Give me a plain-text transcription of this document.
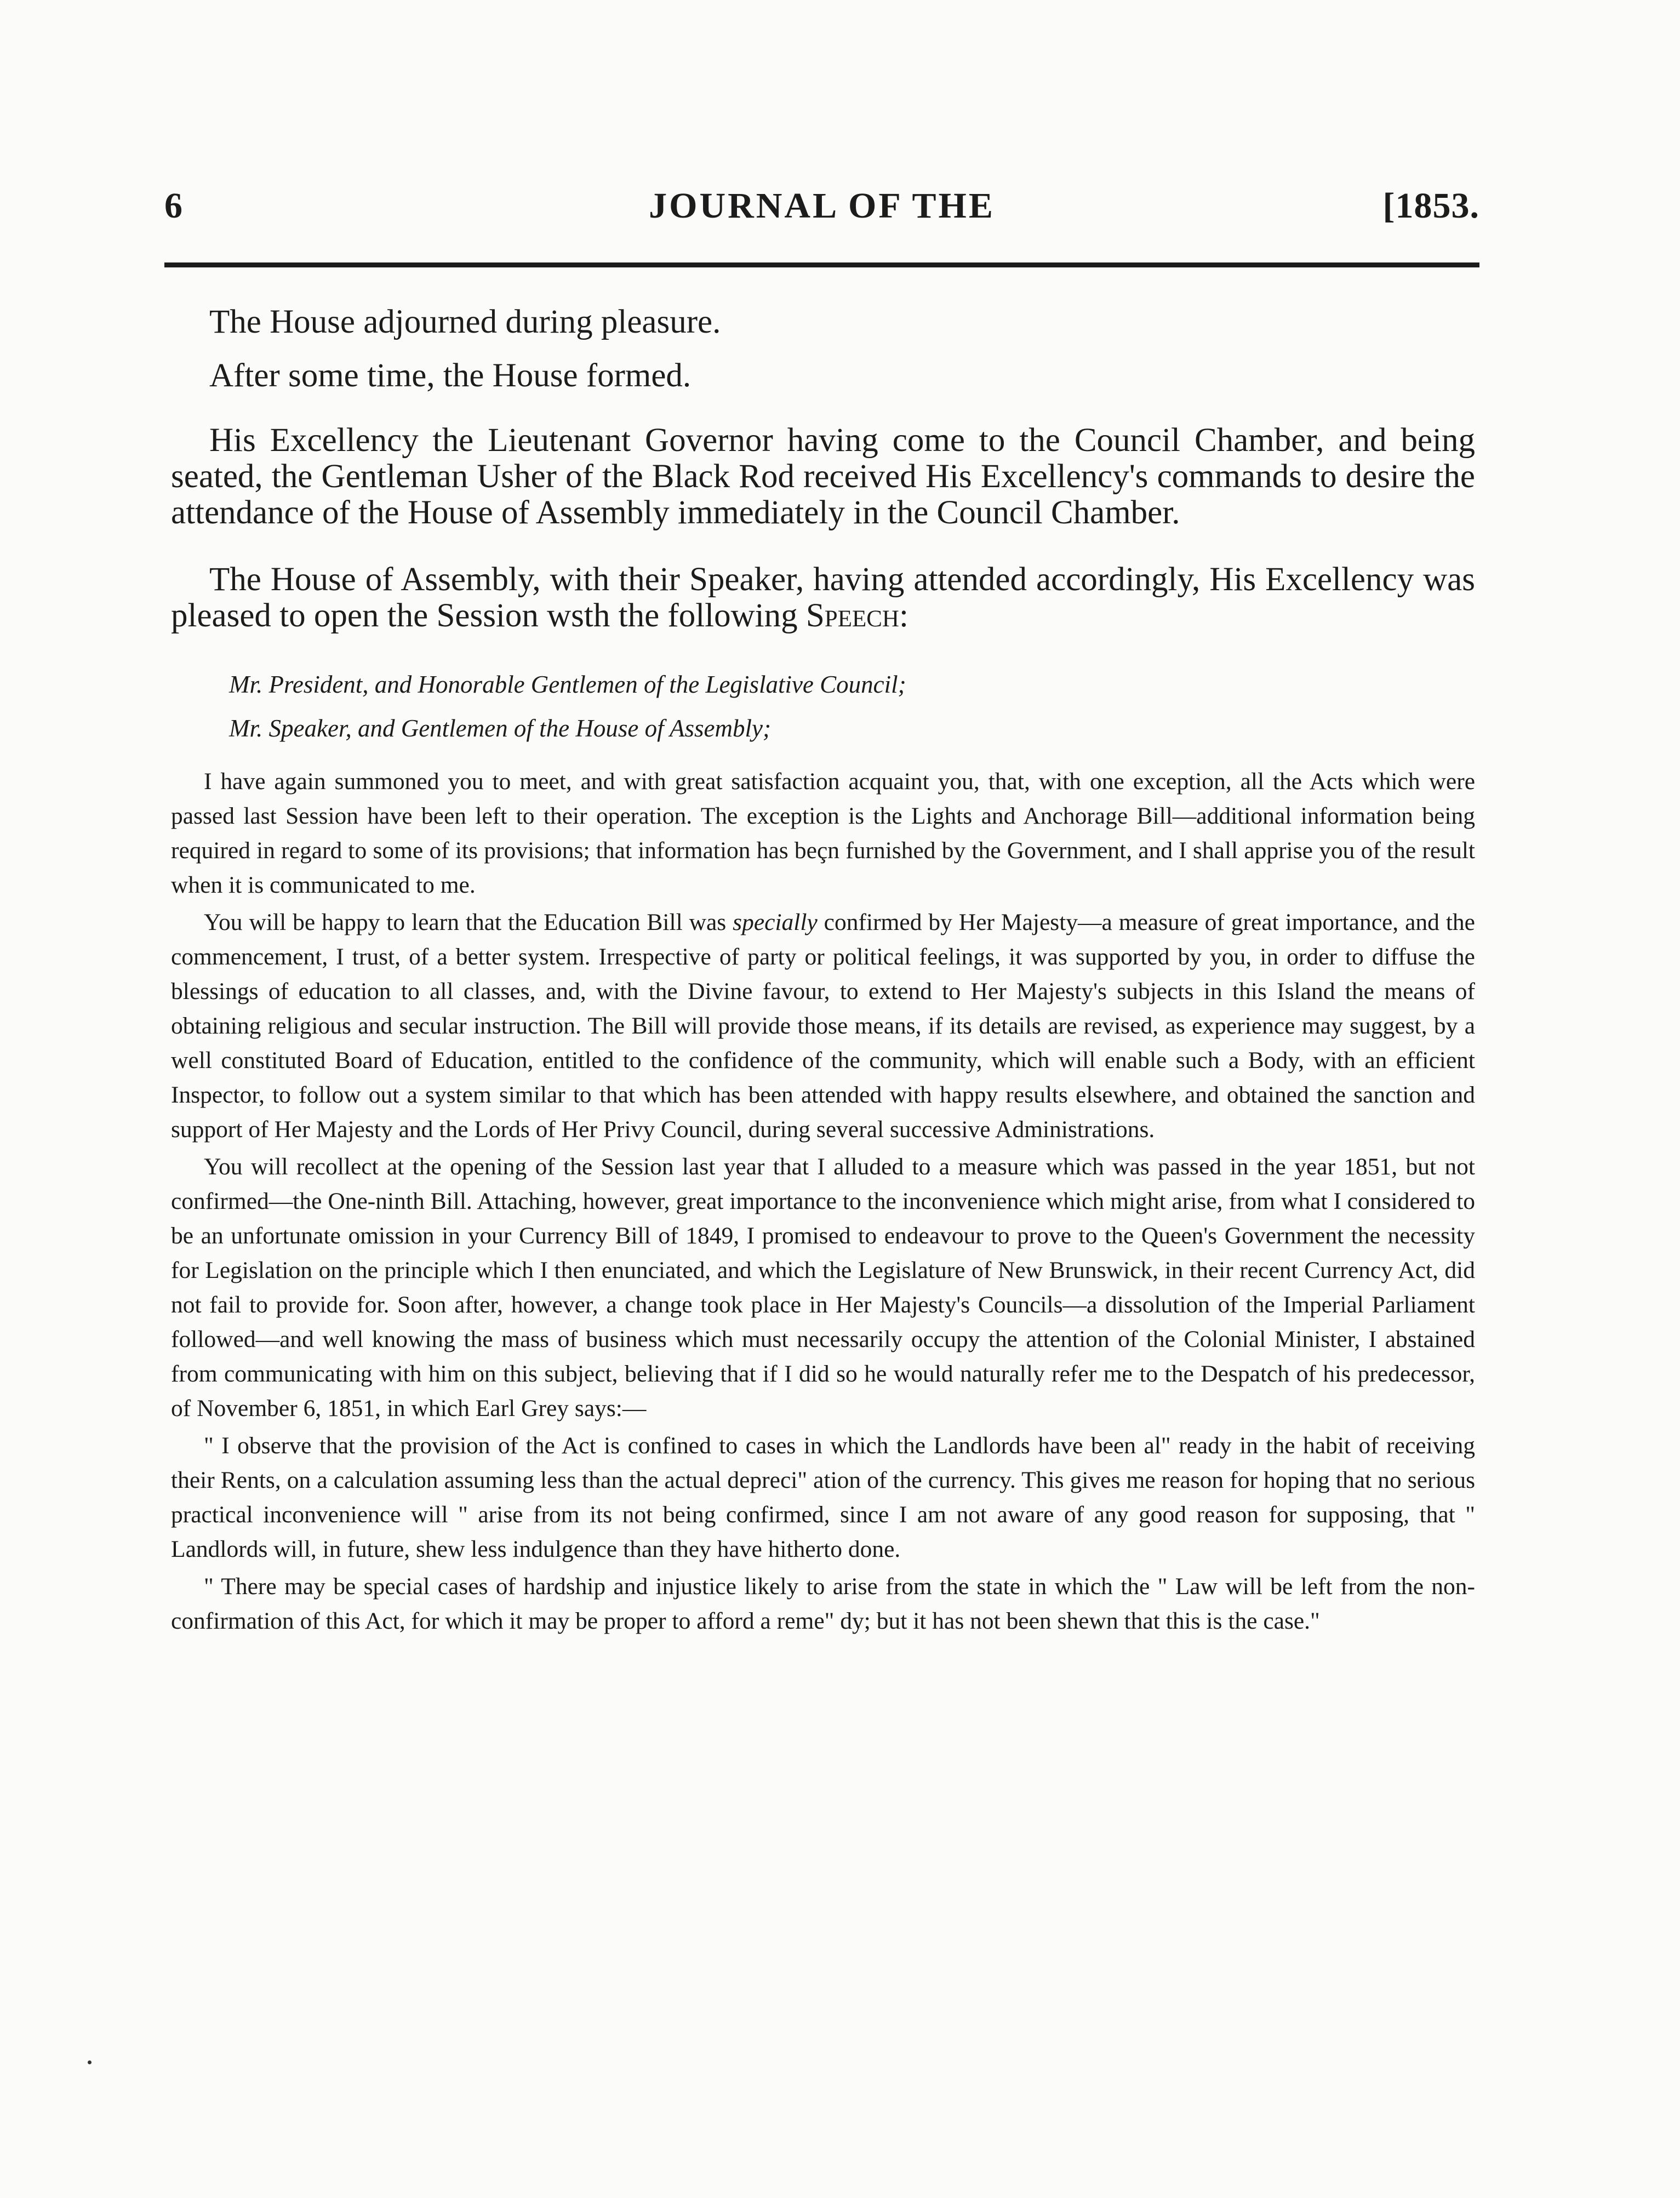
6	JOURNAL OF THE	[1853.

The House adjourned during pleasure.

After some time, the House formed.

His Excellency the Lieutenant Governor having come to the Council Chamber, and being seated, the Gentleman Usher of the Black Rod received His Excellency's commands to desire the attendance of the House of Assembly immediately in the Council Chamber.

The House of Assembly, with their Speaker, having attended accordingly, His Excellency was pleased to open the Session wsth the following Speech:

Mr. President, and Honorable Gentlemen of the Legislative Council;
Mr. Speaker, and Gentlemen of the House of Assembly;

I have again summoned you to meet, and with great satisfaction acquaint you, that, with one exception, all the Acts which were passed last Session have been left to their operation. The exception is the Lights and Anchorage Bill—additional information being required in regard to some of its provisions; that information has beçn furnished by the Government, and I shall apprise you of the result when it is communicated to me.

You will be happy to learn that the Education Bill was specially confirmed by Her Majesty—a measure of great importance, and the commencement, I trust, of a better system. Irrespective of party or political feelings, it was supported by you, in order to diffuse the blessings of education to all classes, and, with the Divine favour, to extend to Her Majesty's subjects in this Island the means of obtaining religious and secular instruction. The Bill will provide those means, if its details are revised, as experience may suggest, by a well constituted Board of Education, entitled to the confidence of the community, which will enable such a Body, with an efficient Inspector, to follow out a system similar to that which has been attended with happy results elsewhere, and obtained the sanction and support of Her Majesty and the Lords of Her Privy Council, during several successive Administrations.

You will recollect at the opening of the Session last year that I alluded to a measure which was passed in the year 1851, but not confirmed—the One-ninth Bill. Attaching, however, great importance to the inconvenience which might arise, from what I considered to be an unfortunate omission in your Currency Bill of 1849, I promised to endeavour to prove to the Queen's Government the necessity for Legislation on the principle which I then enunciated, and which the Legislature of New Brunswick, in their recent Currency Act, did not fail to provide for. Soon after, however, a change took place in Her Majesty's Councils—a dissolution of the Imperial Parliament followed—and well knowing the mass of business which must necessarily occupy the attention of the Colonial Minister, I abstained from communicating with him on this subject, believing that if I did so he would naturally refer me to the Despatch of his predecessor, of November 6, 1851, in which Earl Grey says:—

" I observe that the provision of the Act is confined to cases in which the Landlords have been al" ready in the habit of receiving their Rents, on a calculation assuming less than the actual depreci" ation of the currency. This gives me reason for hoping that no serious practical inconvenience will " arise from its not being confirmed, since I am not aware of any good reason for supposing, that " Landlords will, in future, shew less indulgence than they have hitherto done.

" There may be special cases of hardship and injustice likely to arise from the state in which the " Law will be left from the non-confirmation of this Act, for which it may be proper to afford a reme" dy; but it has not been shewn that this is the case."
